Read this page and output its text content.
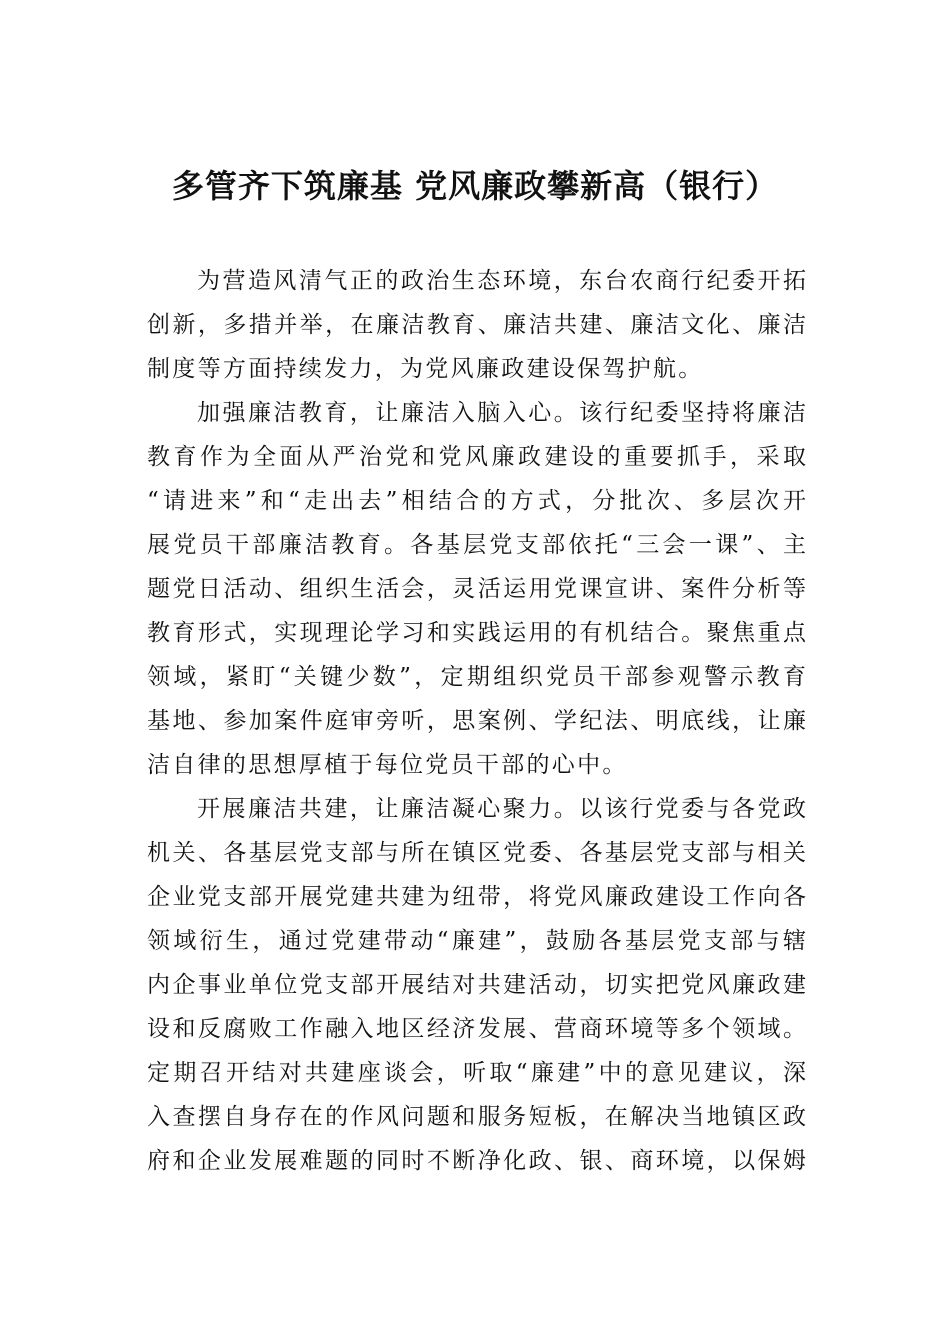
多管齐下筑廉基 党风廉政攀新高（银行）
为营造风清气正的政治生态环境，东台农商行纪委开拓
创新，多措并举，在廉洁教育、廉洁共建、廉洁文化、廉洁
制度等方面持续发力，为党风廉政建设保驾护航。
加强廉洁教育，让廉洁入脑入心。该行纪委坚持将廉洁
教育作为全面从严治党和党风廉政建设的重要抓手，采取
“请进来”和“走出去”相结合的方式，分批次、多层次开
展党员干部廉洁教育。各基层党支部依托“三会一课”、主
题党日活动、组织生活会，灵活运用党课宣讲、案件分析等
教育形式，实现理论学习和实践运用的有机结合。聚焦重点
领域，紧盯“关键少数”，定期组织党员干部参观警示教育
基地、参加案件庭审旁听，思案例、学纪法、明底线，让廉
洁自律的思想厚植于每位党员干部的心中。
开展廉洁共建，让廉洁凝心聚力。以该行党委与各党政
机关、各基层党支部与所在镇区党委、各基层党支部与相关
企业党支部开展党建共建为纽带，将党风廉政建设工作向各
领域衍生，通过党建带动“廉建”，鼓励各基层党支部与辖
内企事业单位党支部开展结对共建活动，切实把党风廉政建
设和反腐败工作融入地区经济发展、营商环境等多个领域。
定期召开结对共建座谈会，听取“廉建”中的意见建议，深
入查摆自身存在的作风问题和服务短板，在解决当地镇区政
府和企业发展难题的同时不断净化政、银、商环境，以保姆
